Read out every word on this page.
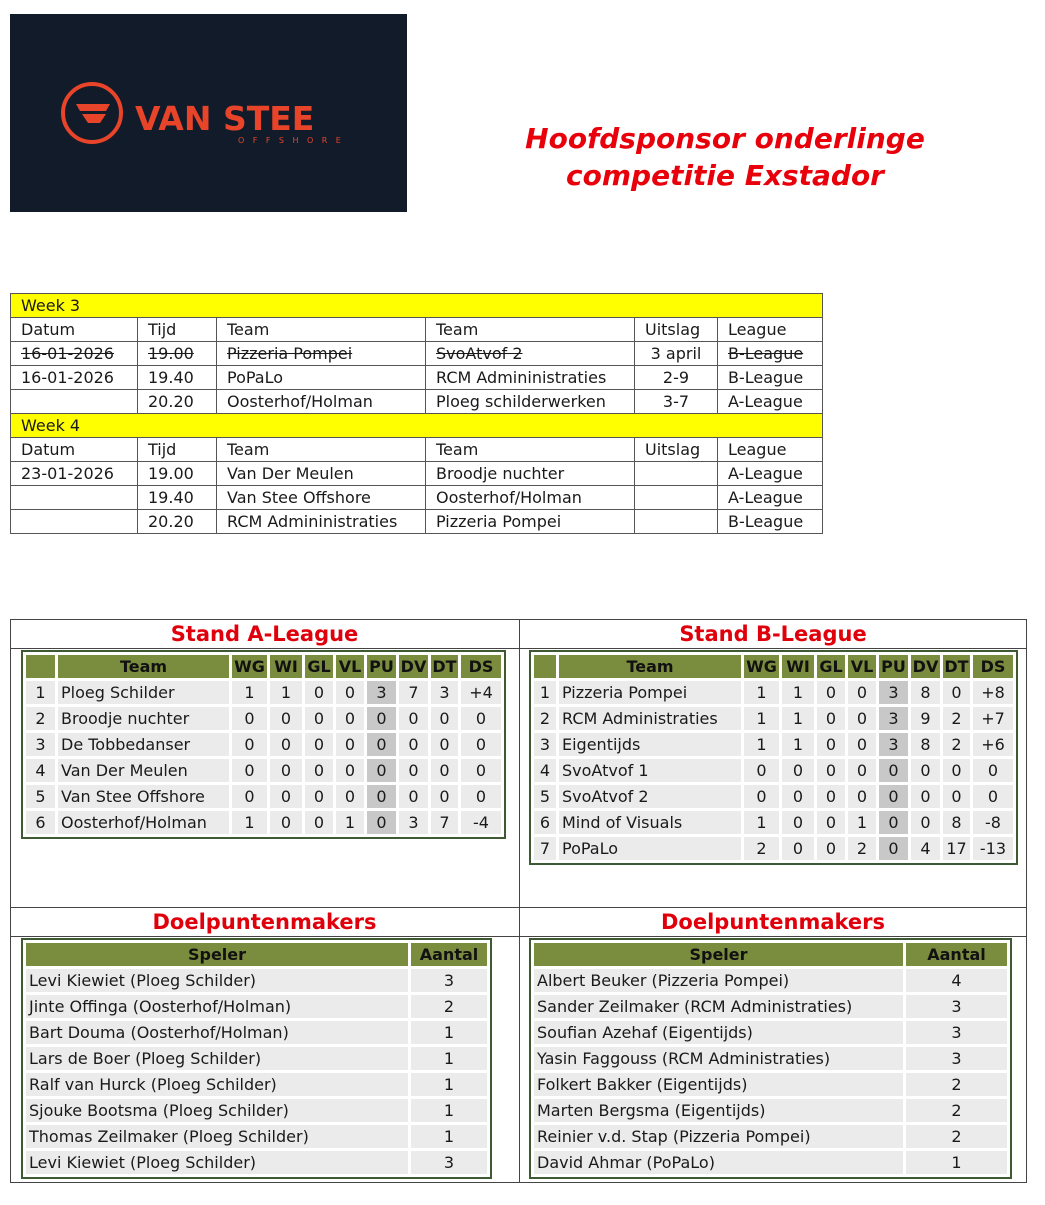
VAN STEE
OFFSHORE	Hoofdsponsor onderlinge
competitie Exstador
Week 3					
Datum	Tijd	Team	Team	Uitslag	League
16-01-2026	19.00	Pizzeria Pompei	SvoAtvof 2	3 april	B-League
16-01-2026	19.40	PoPaLo	RCM Admininistraties	2-9	B-League
	20.20	Oosterhof/Holman	Ploeg schilderwerken	3-7	A-League
Week 4					
Datum	Tijd	Team	Team	Uitslag	League
23-01-2026	19.00	Van Der Meulen	Broodje nuchter		A-League
	19.40	Van Stee Offshore	Oosterhof/Holman		A-League
	20.20	RCM Admininistraties	Pizzeria Pompei		B-League
Stand A-League	Stand B-League
Doelpuntenmakers	Doelpuntenmakers
	Team	WG	WI	GL	VL	PU	DV	DT	DS
1	Ploeg Schilder	1	1	0	0	3	7	3	+4
2	Broodje nuchter	0	0	0	0	0	0	0	0
3	De Tobbedanser	0	0	0	0	0	0	0	0
4	Van Der Meulen	0	0	0	0	0	0	0	0
5	Van Stee Offshore	0	0	0	0	0	0	0	0
6	Oosterhof/Holman	1	0	0	1	0	3	7	-4
	Team	WG	WI	GL	VL	PU	DV	DT	DS
1	Pizzeria Pompei	1	1	0	0	3	8	0	+8
2	RCM Administraties	1	1	0	0	3	9	2	+7
3	Eigentijds	1	1	0	0	3	8	2	+6
4	SvoAtvof 1	0	0	0	0	0	0	0	0
5	SvoAtvof 2	0	0	0	0	0	0	0	0
6	Mind of Visuals	1	0	0	1	0	0	8	-8
7	PoPaLo	2	0	0	2	0	4	17	-13
Speler	Aantal
Levi Kiewiet (Ploeg Schilder)	3
Jinte Offinga (Oosterhof/Holman)	2
Bart Douma (Oosterhof/Holman)	1
Lars de Boer (Ploeg Schilder)	1
Ralf van Hurck (Ploeg Schilder)	1
Sjouke Bootsma (Ploeg Schilder)	1
Thomas Zeilmaker (Ploeg Schilder)	1
Levi Kiewiet (Ploeg Schilder)	3
Speler	Aantal
Albert Beuker (Pizzeria Pompei)	4
Sander Zeilmaker (RCM Administraties)	3
Soufian Azehaf (Eigentijds)	3
Yasin Faggouss (RCM Administraties)	3
Folkert Bakker (Eigentijds)	2
Marten Bergsma (Eigentijds)	2
Reinier v.d. Stap (Pizzeria Pompei)	2
David Ahmar (PoPaLo)	1
